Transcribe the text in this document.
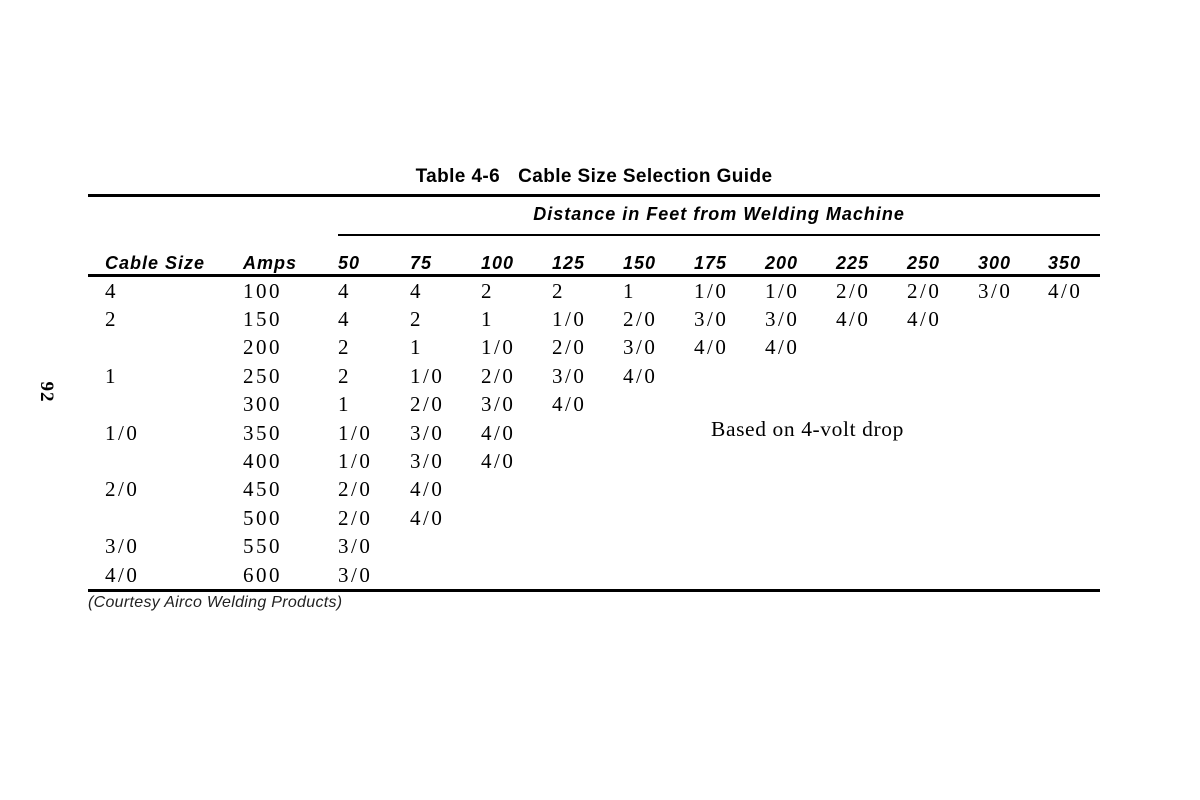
92
Table 4-6 Cable Size Selection Guide
		Distance in Feet from Welding Machine										
Cable Size	Amps	50	75	100	125	150	175	200	225	250	300	350
4	100	4	4	2	2	1	1/0	1/0	2/0	2/0	3/0	4/0
2	150	4	2	1	1/0	2/0	3/0	3/0	4/0	4/0		
	200	2	1	1/0	2/0	3/0	4/0	4/0				
1	250	2	1/0	2/0	3/0	4/0						
	300	1	2/0	3/0	4/0							
1/0	350	1/0	3/0	4/0								
	400	1/0	3/0	4/0								
2/0	450	2/0	4/0									
	500	2/0	4/0									
3/0	550	3/0										
4/0	600	3/0										
Based on 4-volt drop
(Courtesy Airco Welding Products)
